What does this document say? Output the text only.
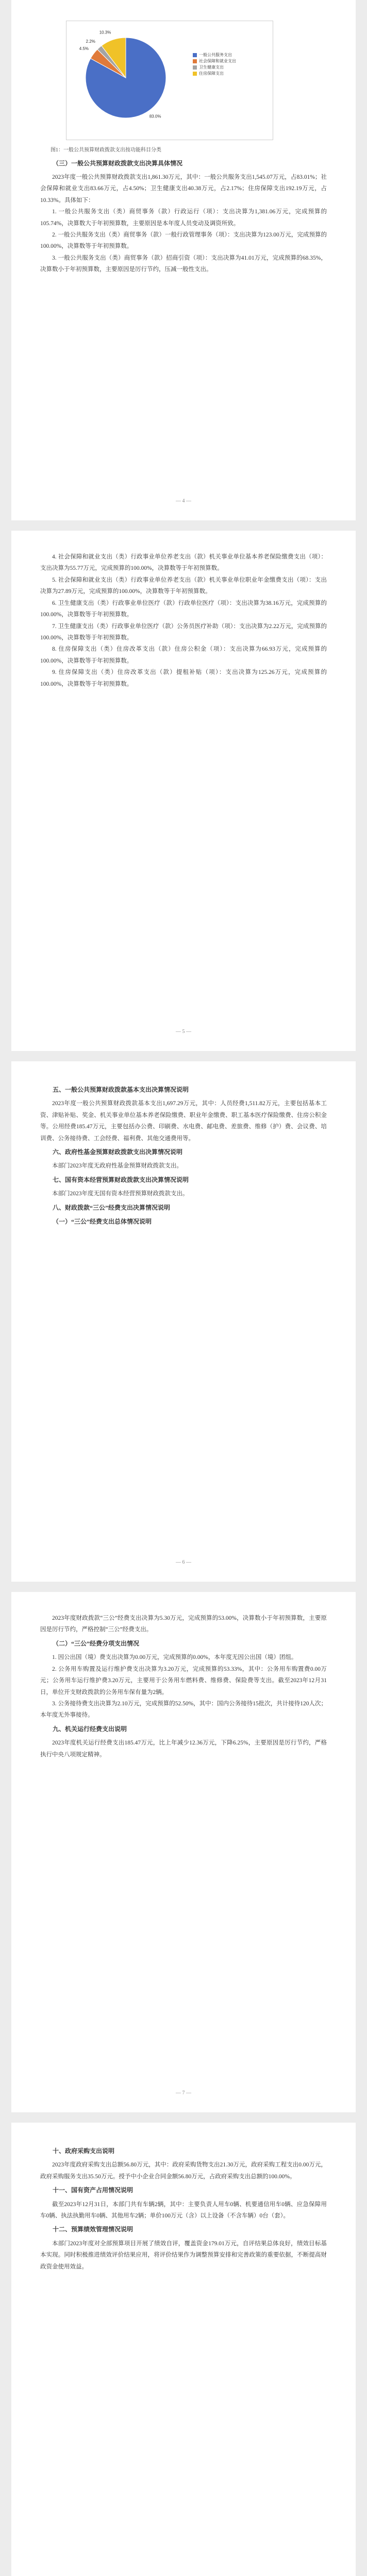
83.0%
4.5%
2.2%
10.3%
一般公共服务支出
社会保障和就业支出
卫生健康支出
住房保障支出

图1：一般公共预算财政拨款支出按功能科目分类

（三）一般公共预算财政拨款支出决算具体情况

2023年度一般公共预算财政拨款支出1,861.30万元，其中：一般公共服务支出1,545.07万元，占83.01%；社会保障和就业支出83.66万元，占4.50%；卫生健康支出40.38万元，占2.17%；住房保障支出192.19万元，占10.33%。具体如下：

1. 一般公共服务支出（类）商贸事务（款）行政运行（项）：支出决算为1,381.06万元，完成预算的105.74%，决算数大于年初预算数，主要原因是本年度人员变动及调资所致。

2. 一般公共服务支出（类）商贸事务（款）一般行政管理事务（项）：支出决算为123.00万元，完成预算的100.00%，决算数等于年初预算数。

3. 一般公共服务支出（类）商贸事务（款）招商引资（项）：支出决算为41.01万元，完成预算的68.35%，决算数小于年初预算数，主要原因是厉行节约，压减一般性支出。

— 4 —

4. 社会保障和就业支出（类）行政事业单位养老支出（款）机关事业单位基本养老保险缴费支出（项）：支出决算为55.77万元，完成预算的100.00%，决算数等于年初预算数。

5. 社会保障和就业支出（类）行政事业单位养老支出（款）机关事业单位职业年金缴费支出（项）：支出决算为27.89万元，完成预算的100.00%，决算数等于年初预算数。

6. 卫生健康支出（类）行政事业单位医疗（款）行政单位医疗（项）：支出决算为38.16万元，完成预算的100.00%，决算数等于年初预算数。

7. 卫生健康支出（类）行政事业单位医疗（款）公务员医疗补助（项）：支出决算为2.22万元，完成预算的100.00%，决算数等于年初预算数。

8. 住房保障支出（类）住房改革支出（款）住房公积金（项）：支出决算为66.93万元，完成预算的100.00%，决算数等于年初预算数。

9. 住房保障支出（类）住房改革支出（款）提租补贴（项）：支出决算为125.26万元，完成预算的100.00%，决算数等于年初预算数。

— 5 —
五、一般公共预算财政拨款基本支出决算情况说明

2023年度一般公共预算财政拨款基本支出1,697.29万元，其中：人员经费1,511.82万元，主要包括基本工资、津贴补贴、奖金、机关事业单位基本养老保险缴费、职业年金缴费、职工基本医疗保险缴费、住房公积金等。公用经费185.47万元，主要包括办公费、印刷费、水电费、邮电费、差旅费、维修（护）费、会议费、培训费、公务接待费、工会经费、福利费、其他交通费用等。

六、政府性基金预算财政拨款支出决算情况说明

本部门2023年度无政府性基金预算财政拨款支出。

七、国有资本经营预算财政拨款支出决算情况说明

本部门2023年度无国有资本经营预算财政拨款支出。

八、财政拨款“三公”经费支出决算情况说明
（一）“三公”经费支出总体情况说明
— 6 —

2023年度财政拨款“三公”经费支出决算为5.30万元，完成预算的53.00%，决算数小于年初预算数，主要原因是厉行节约，严格控制“三公”经费支出。

（二）“三公”经费分项支出情况

1. 因公出国（境）费支出决算为0.00万元，完成预算的0.00%，本年度无因公出国（境）团组。

2. 公务用车购置及运行维护费支出决算为3.20万元，完成预算的53.33%，其中：公务用车购置费0.00万元；公务用车运行维护费3.20万元，主要用于公务用车燃料费、维修费、保险费等支出。截至2023年12月31日，单位开支财政拨款的公务用车保有量为2辆。

3. 公务接待费支出决算为2.10万元，完成预算的52.50%，其中：国内公务接待15批次，共计接待120人次；本年度无外事接待。

九、机关运行经费支出说明

2023年度机关运行经费支出185.47万元，比上年减少12.36万元，下降6.25%，主要原因是厉行节约，严格执行中央八项规定精神。

— 7 —
十、政府采购支出说明

2023年度政府采购支出总额56.80万元，其中：政府采购货物支出21.30万元，政府采购工程支出0.00万元，政府采购服务支出35.50万元。授予中小企业合同金额56.80万元，占政府采购支出总额的100.00%。

十一、国有资产占用情况说明

截至2023年12月31日，本部门共有车辆2辆，其中：主要负责人用车0辆、机要通信用车0辆、应急保障用车0辆、执法执勤用车0辆、其他用车2辆；单价100万元（含）以上设备（不含车辆）0台（套）。

十二、预算绩效管理情况说明

本部门2023年度对全部预算项目开展了绩效自评，覆盖资金179.01万元，自评结果总体良好，绩效目标基本实现。同时积极推进绩效评价结果应用，将评价结果作为调整预算安排和完善政策的重要依据，不断提高财政资金使用效益。
